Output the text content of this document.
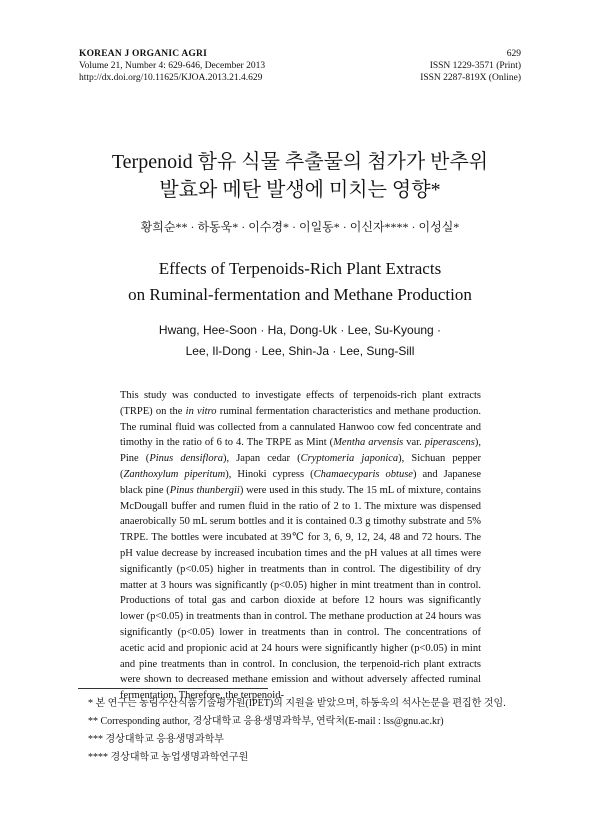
KOREAN J ORGANIC AGRI	629
Volume 21, Number 4: 629-646, December 2013	ISSN 1229-3571 (Print)
http://dx.doi.org/10.11625/KJOA.2013.21.4.629	ISSN 2287-819X (Online)
Terpenoid 함유 식물 추출물의 첨가가 반추위
발효와 메탄 발생에 미치는 영향*
황희순** · 하동욱* · 이수경* · 이일동* · 이신자**** · 이성실*
Effects of Terpenoids-Rich Plant Extracts
on Ruminal-fermentation and Methane Production
Hwang, Hee-Soon · Ha, Dong-Uk · Lee, Su-Kyoung ·
Lee, Il-Dong · Lee, Shin-Ja · Lee, Sung-Sill

This study was conducted to investigate effects of terpenoids-rich plant extracts (TRPE) on the in vitro ruminal fermentation characteristics and methane production. The ruminal fluid was collected from a cannulated Hanwoo cow fed concentrate and timothy in the ratio of 6 to 4. The TRPE as Mint (Mentha arvensis var. piperascens), Pine (Pinus densiflora), Japan cedar (Cryptomeria japonica), Sichuan pepper (Zanthoxylum piperitum), Hinoki cypress (Chamaecyparis obtuse) and Japanese black pine (Pinus thunbergii) were used in this study. The 15 mL of mixture, contains McDougall buffer and rumen fluid in the ratio of 2 to 1. The mixture was dispensed anaerobically 50 mL serum bottles and it is contained 0.3 g timothy substrate and 5% TRPE. The bottles were incubated at 39℃ for 3, 6, 9, 12, 24, 48 and 72 hours. The pH value decrease by increased incubation times and the pH values at all times were significantly (p<0.05) higher in treatments than in control. The digestibility of dry matter at 3 hours was significantly (p<0.05) higher in mint treatment than in control. Productions of total gas and carbon dioxide at before 12 hours was significantly lower (p<0.05) in treatments than in control. The methane production at 24 hours was significantly (p<0.05) lower in treatments than in control. The concentrations of acetic acid and propionic acid at 24 hours were significantly higher (p<0.05) in mint and pine treatments than in control. In conclusion, the terpenoid-rich plant extracts were shown to decreased methane emission and without adversely affected ruminal fermentation. Therefore, the terpenoid-

* 본 연구는 농림수산식품기술평가원(IPET)의 지원을 받았으며, 하동욱의 석사논문을 편집한 것임.
** Corresponding author, 경상대학교 응용생명과학부, 연락처(E-mail : lss@gnu.ac.kr)
*** 경상대학교 응용생명과학부
**** 경상대학교 농업생명과학연구원
